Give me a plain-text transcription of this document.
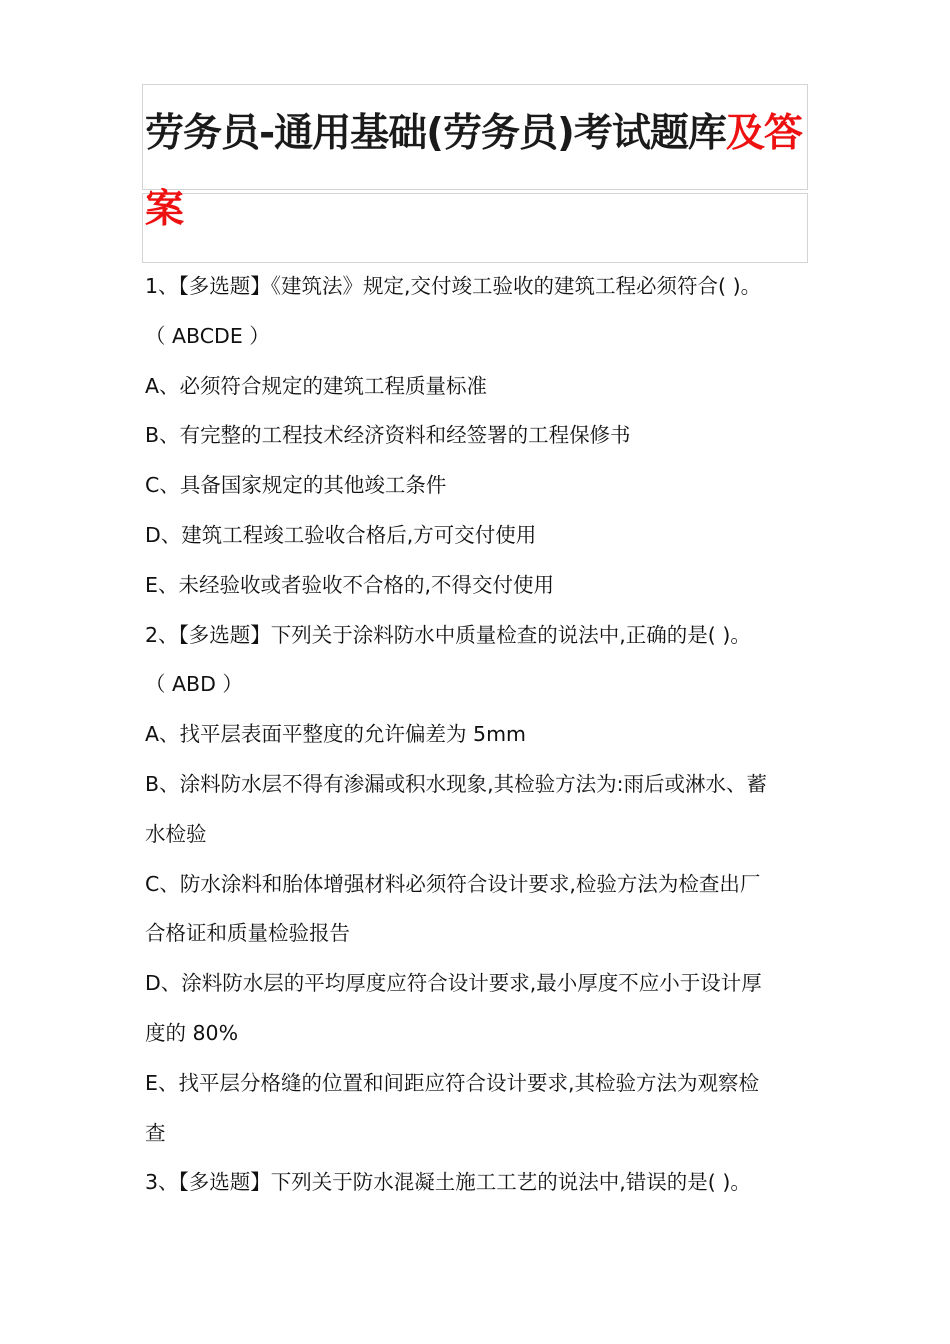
劳务员-通用基础(劳务员)考试题库及答案
1、【多选题】《建筑法》规定,交付竣工验收的建筑工程必须符合( )。
（ ABCDE ）
A、必须符合规定的建筑工程质量标准
B、有完整的工程技术经济资料和经签署的工程保修书
C、具备国家规定的其他竣工条件
D、建筑工程竣工验收合格后,方可交付使用
E、未经验收或者验收不合格的,不得交付使用
2、【多选题】下列关于涂料防水中质量检查的说法中,正确的是( )。
（ ABD ）
A、找平层表面平整度的允许偏差为 5mm
B、涂料防水层不得有渗漏或积水现象,其检验方法为:雨后或淋水、蓄
水检验
C、防水涂料和胎体增强材料必须符合设计要求,检验方法为检查出厂
合格证和质量检验报告
D、涂料防水层的平均厚度应符合设计要求,最小厚度不应小于设计厚
度的 80%
E、找平层分格缝的位置和间距应符合设计要求,其检验方法为观察检
查
3、【多选题】下列关于防水混凝土施工工艺的说法中,错误的是( )。
